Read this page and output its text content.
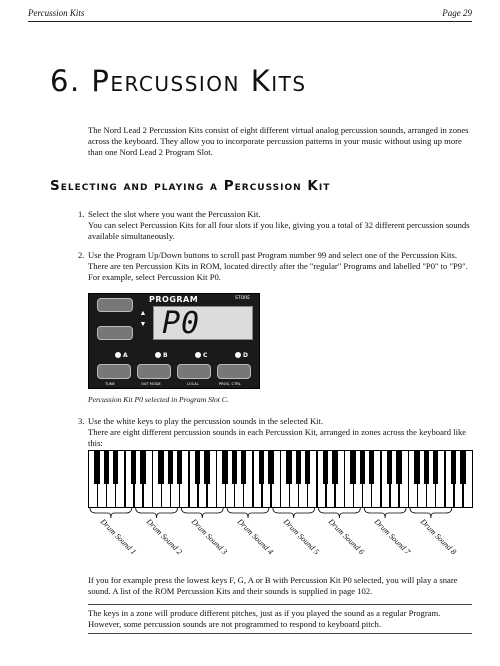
Percussion Kits	Page 29
6. Percussion Kits

The Nord Lead 2 Percussion Kits consist of eight different virtual analog percussion sounds, arranged in zones across the keyboard. They allow you to incorporate percussion patterns in your music without using up more than one Nord Lead 2 Program Slot.

Selecting and playing a Percussion Kit
1. Select the slot where you want the Percussion Kit.
You can select Percussion Kits for all four slots if you like, giving you a total of 32 different percussion sounds available simultaneously.
2. Use the Program Up/Down buttons to scroll past Program number 99 and select one of the Percussion Kits.
There are ten Percussion Kits in ROM, located directly after the "regular" Programs and labelled "P0" to "P9". For example, select Percussion Kit P0.
PROGRAM	STORE
▲
▼ P0
A	B	C	D
TUNE	OUT MODE	LOCAL	PROG. CTRL

Percussion Kit P0 selected in Program Slot C.

3. Use the white keys to play the percussion sounds in the selected Kit.
There are eight different percussion sounds in each Percussion Kit, arranged in zones across the keyboard like this:
Drum Sound 1 Drum Sound 2 Drum Sound 3 Drum Sound 4 Drum Sound 5 Drum Sound 6 Drum Sound 7 Drum Sound 8

If you for example press the lowest keys F, G, A or B with Percussion Kit P0 selected, you will play a snare sound. A list of the ROM Percussion Kits and their sounds is supplied in page 102.

The keys in a zone will produce different pitches, just as if you played the sound as a regular Program. However, some percussion sounds are not programmed to respond to keyboard pitch.
